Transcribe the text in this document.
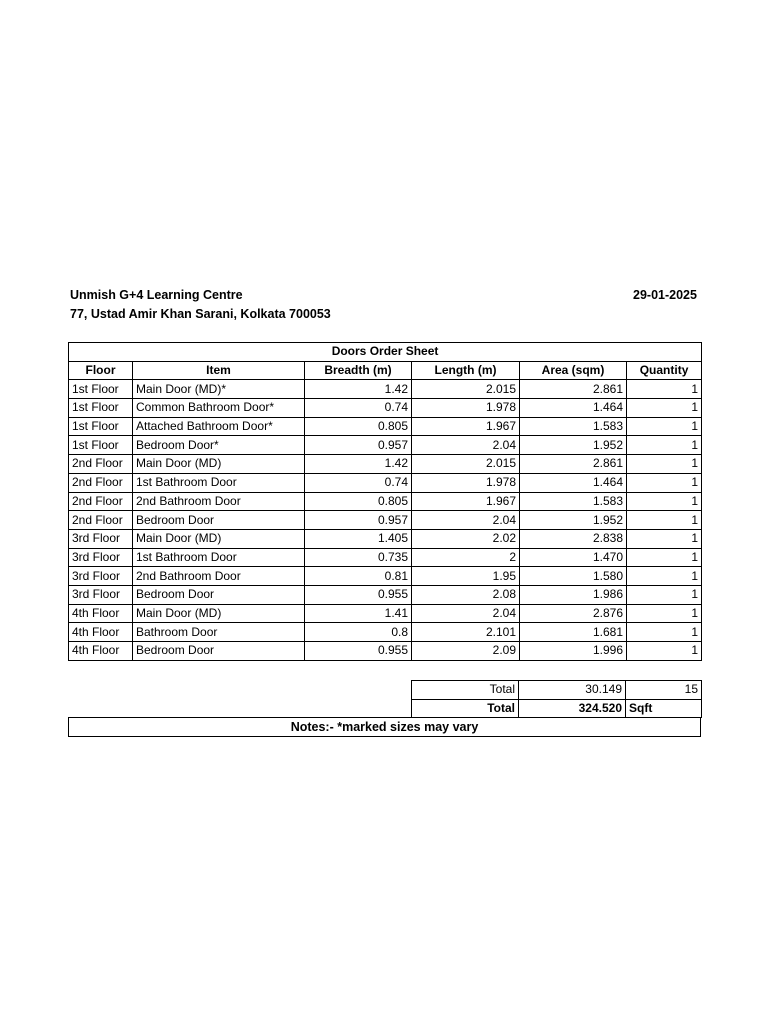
Unmish G+4 Learning Centre
77, Ustad Amir Khan Sarani, Kolkata 700053
29-01-2025
Doors Order Sheet					
Floor	Item	Breadth (m)	Length (m)	Area (sqm)	Quantity
1st Floor	Main Door (MD)*	1.42	2.015	2.861	1
1st Floor	Common Bathroom Door*	0.74	1.978	1.464	1
1st Floor	Attached Bathroom Door*	0.805	1.967	1.583	1
1st Floor	Bedroom Door*	0.957	2.04	1.952	1
2nd Floor	Main Door (MD)	1.42	2.015	2.861	1
2nd Floor	1st Bathroom Door	0.74	1.978	1.464	1
2nd Floor	2nd Bathroom Door	0.805	1.967	1.583	1
2nd Floor	Bedroom Door	0.957	2.04	1.952	1
3rd Floor	Main Door (MD)	1.405	2.02	2.838	1
3rd Floor	1st Bathroom Door	0.735	2	1.470	1
3rd Floor	2nd Bathroom Door	0.81	1.95	1.580	1
3rd Floor	Bedroom Door	0.955	2.08	1.986	1
4th Floor	Main Door (MD)	1.41	2.04	2.876	1
4th Floor	Bathroom Door	0.8	2.101	1.681	1
4th Floor	Bedroom Door	0.955	2.09	1.996	1
Total	30.149	15
Total	324.520	Sqft
Notes:- *marked sizes may vary
